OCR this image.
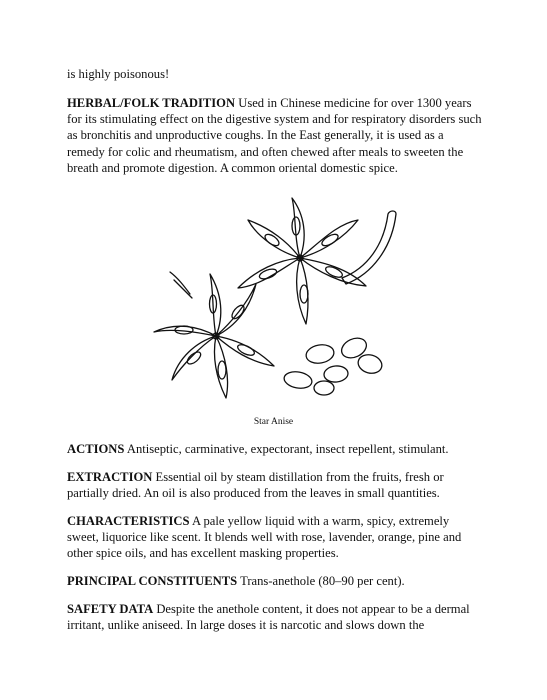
is highly poisonous!

HERBAL/FOLK TRADITION Used in Chinese medicine for over 1300 years for its stimulating effect on the digestive system and for respiratory disorders such as bronchitis and unproductive coughs. In the East generally, it is used as a remedy for colic and rheumatism, and often chewed after meals to sweeten the breath and promote digestion. A common oriental domestic spice.

Star Anise

ACTIONS Antiseptic, carminative, expectorant, insect repellent, stimulant.

EXTRACTION Essential oil by steam distillation from the fruits, fresh or partially dried. An oil is also produced from the leaves in small quantities.

CHARACTERISTICS A pale yellow liquid with a warm, spicy, extremely sweet, liquorice like scent. It blends well with rose, lavender, orange, pine and other spice oils, and has excellent masking properties.

PRINCIPAL CONSTITUENTS Trans-anethole (80–90 per cent).

SAFETY DATA Despite the anethole content, it does not appear to be a dermal irritant, unlike aniseed. In large doses it is narcotic and slows down the
